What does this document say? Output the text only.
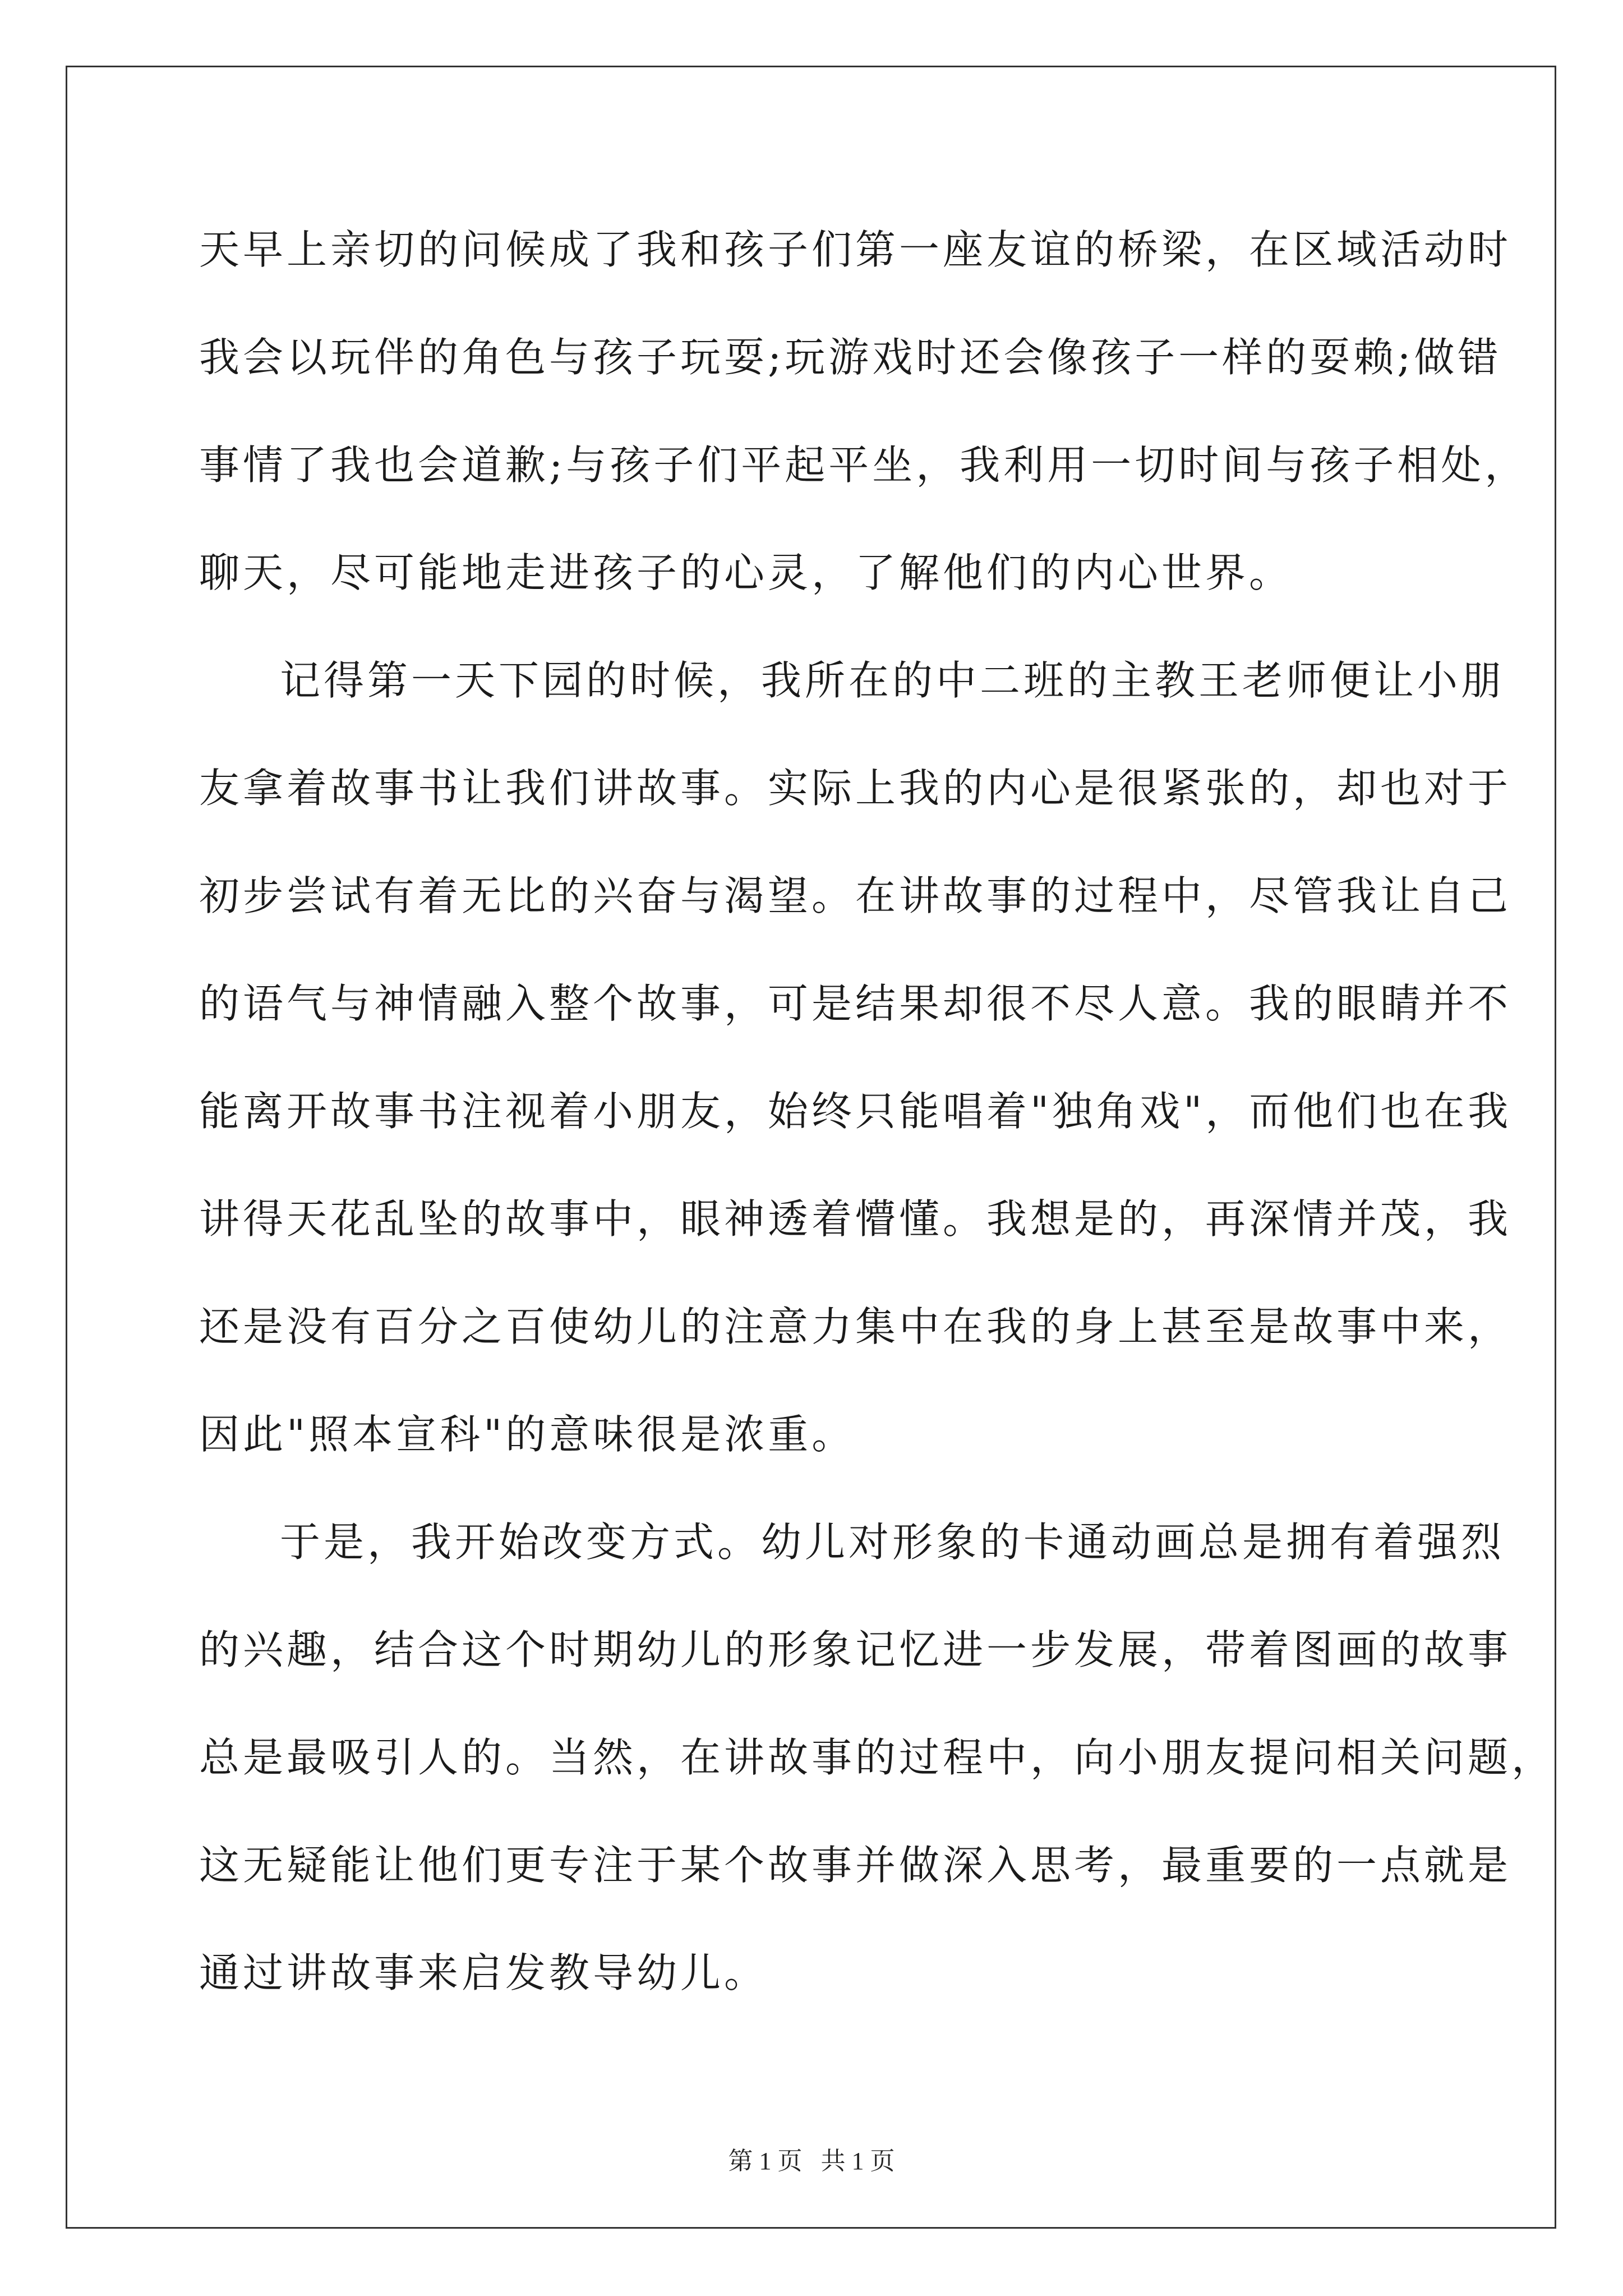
天早上亲切的问候成了我和孩子们第一座友谊的桥梁，在区域活动时
我会以玩伴的角色与孩子玩耍;玩游戏时还会像孩子一样的耍赖;做错
事情了我也会道歉;与孩子们平起平坐，我利用一切时间与孩子相处，
聊天，尽可能地走进孩子的心灵，了解他们的内心世界。
记得第一天下园的时候，我所在的中二班的主教王老师便让小朋
友拿着故事书让我们讲故事。实际上我的内心是很紧张的，却也对于
初步尝试有着无比的兴奋与渴望。在讲故事的过程中，尽管我让自己
的语气与神情融入整个故事，可是结果却很不尽人意。我的眼睛并不
能离开故事书注视着小朋友，始终只能唱着"独角戏"，而他们也在我
讲得天花乱坠的故事中，眼神透着懵懂。我想是的，再深情并茂，我
还是没有百分之百使幼儿的注意力集中在我的身上甚至是故事中来，
因此"照本宣科"的意味很是浓重。
于是，我开始改变方式。幼儿对形象的卡通动画总是拥有着强烈
的兴趣，结合这个时期幼儿的形象记忆进一步发展，带着图画的故事
总是最吸引人的。当然，在讲故事的过程中，向小朋友提问相关问题，
这无疑能让他们更专注于某个故事并做深入思考，最重要的一点就是
通过讲故事来启发教导幼儿。
第 1 页   共 1 页
